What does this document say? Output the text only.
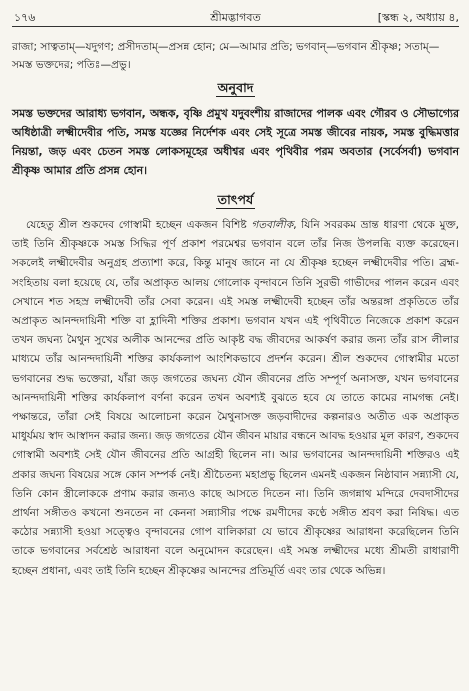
১৭৬	শ্রীমদ্ভাগবত	[স্কন্ধ ২, অধ্যায় ৪,

রাজা; সাত্বতাম্—যদুগণ; প্রসীদতাম্—প্রসন্ন হোন; মে—আমার প্রতি; ভগবান্—ভগবান শ্রীকৃষ্ণ; সতাম্—সমস্ত ভক্তদের; পতিঃ—প্রভু।

অনুবাদ

সমস্ত ভক্তদের আরাধ্য ভগবান, অন্ধক, বৃষ্ণি প্রমুখ যদুবংশীয় রাজাদের পালক এবং গৌরব ও সৌভাগ্যের অধিষ্ঠাত্রী লক্ষ্মীদেবীর পতি, সমস্ত যজ্ঞের নির্দেশক এবং সেই সূত্রে সমস্ত জীবের নায়ক, সমস্ত বুদ্ধিমত্তার নিয়ন্তা, জড় এবং চেতন সমস্ত লোকসমূহের অধীশ্বর এবং পৃথিবীর পরম অবতার (সর্বেসর্বা) ভগবান শ্রীকৃষ্ণ আমার প্রতি প্রসন্ন হোন।

তাৎপর্য

যেহেতু শ্রীল শুকদেব গোস্বামী হচ্ছেন একজন বিশিষ্ট গতবালীক, যিনি সবরকম ভ্রান্ত ধারণা থেকে মুক্ত, তাই তিনি শ্রীকৃষ্ণকে সমস্ত সিদ্ধির পূর্ণ প্রকাশ পরমেশ্বর ভগবান বলে তাঁর নিজ উপলব্ধি ব্যক্ত করেছেন। সকলেই লক্ষ্মীদেবীর অনুগ্রহ প্রত্যাশা করে, কিন্তু মানুষ জানে না যে শ্রীকৃষ্ণ হচ্ছেন লক্ষ্মীদেবীর পতি। ব্রহ্ম-সংহিতায় বলা হয়েছে যে, তাঁর অপ্রাকৃত আলয় গোলোক বৃন্দাবনে তিনি সুরভী গাভীদের পালন করেন এবং সেখানে শত সহস্র লক্ষ্মীদেবী তাঁর সেবা করেন। এই সমস্ত লক্ষ্মীদেবী হচ্ছেন তাঁর অন্তরঙ্গা প্রকৃতিতে তাঁর অপ্রাকৃত আনন্দদায়িনী শক্তি বা হ্লাদিনী শক্তির প্রকাশ। ভগবান যখন এই পৃথিবীতে নিজেকে প্রকাশ করেন তখন জঘন্য মৈথুন সুখের অলীক আনন্দের প্রতি আকৃষ্ট বদ্ধ জীবদের আকর্ষণ করার জন্য তাঁর রাস লীলার মাধ্যমে তাঁর আনন্দদায়িনী শক্তির কার্যকলাপ আংশিকভাবে প্রদর্শন করেন। শ্রীল শুকদেব গোস্বামীর মতো ভগবানের শুদ্ধ ভক্তেরা, যাঁরা জড় জগতের জঘন্য যৌন জীবনের প্রতি সম্পূর্ণ অনাসক্ত, যখন ভগবানের আনন্দদায়িনী শক্তির কার্যকলাপ বর্ণনা করেন তখন অবশ্যই বুঝতে হবে যে তাতে কামের নামগন্ধ নেই। পক্ষান্তরে, তাঁরা সেই বিষয়ে আলোচনা করেন মৈথুনাসক্ত জড়বাদীদের কল্পনারও অতীত এক অপ্রাকৃত মাধুর্যময় স্বাদ আস্বাদন করার জন্য। জড় জগতের যৌন জীবন মায়ার বন্ধনে আবদ্ধ হওয়ার মূল কারণ, শুকদেব গোস্বামী অবশ্যই সেই যৌন জীবনের প্রতি আগ্রহী ছিলেন না। আর ভগবানের আনন্দদায়িনী শক্তিরও এই প্রকার জঘন্য বিষয়ের সঙ্গে কোন সম্পর্ক নেই। শ্রীচৈতন্য মহাপ্রভু ছিলেন এমনই একজন নিষ্ঠাবান সন্ন্যাসী যে, তিনি কোন স্ত্রীলোককে প্রণাম করার জন্যও কাছে আসতে দিতেন না। তিনি জগন্নাথ মন্দিরে দেবদাসীদের প্রার্থনা সঙ্গীতও কখনো শুনতেন না কেননা সন্ন্যাসীর পক্ষে রমণীদের কণ্ঠে সঙ্গীত শ্রবণ করা নিষিদ্ধ। এত কঠোর সন্ন্যাসী হওয়া সত্ত্বেও বৃন্দাবনের গোপ বালিকারা যে ভাবে শ্রীকৃষ্ণের আরাধনা করেছিলেন তিনি তাকে ভগবানের সর্বশ্রেষ্ঠ আরাধনা বলে অনুমোদন করেছেন। এই সমস্ত লক্ষ্মীদের মধ্যে শ্রীমতী রাধারাণী হচ্ছেন প্রধানা, এবং তাই তিনি হচ্ছেন শ্রীকৃষ্ণের আনন্দের প্রতিমূর্তি এবং তার থেকে অভিন্ন।
